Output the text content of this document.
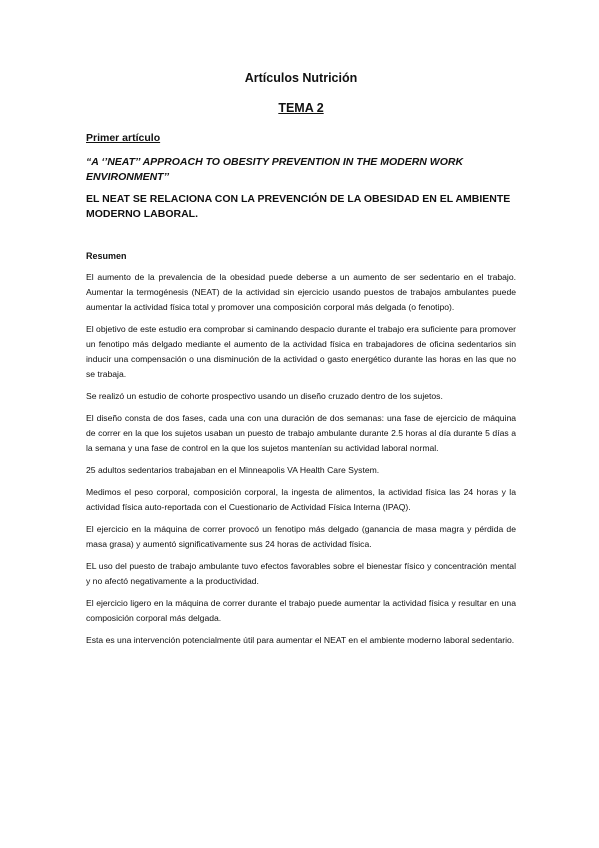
Artículos Nutrición

TEMA 2

Primer artículo

“A ‘’NEAT’’ APPROACH TO OBESITY PREVENTION IN THE MODERN WORK ENVIRONMENT’’

EL NEAT SE RELACIONA CON LA PREVENCIÓN DE LA OBESIDAD EN EL AMBIENTE MODERNO LABORAL.

Resumen

El aumento de la prevalencia de la obesidad puede deberse a un aumento de ser sedentario en el trabajo. Aumentar la termogénesis (NEAT) de la actividad sin ejercicio usando puestos de trabajos ambulantes puede aumentar la actividad física total y promover una composición corporal más delgada (o fenotipo).

El objetivo de este estudio era comprobar si caminando despacio durante el trabajo era suficiente para promover un fenotipo más delgado mediante el aumento de la actividad física en trabajadores de oficina sedentarios sin inducir una compensación o una disminución de la actividad o gasto energético durante las horas en las que no se trabaja.

Se realizó un estudio de cohorte prospectivo usando un diseño cruzado dentro de los sujetos.

El diseño consta de dos fases, cada una con una duración de dos semanas: una fase de ejercicio de máquina de correr en la que los sujetos usaban un puesto de trabajo ambulante durante 2.5 horas al día durante 5 días a la semana y una fase de control en la que los sujetos mantenían su actividad laboral normal.

25 adultos sedentarios trabajaban en el Minneapolis VA Health Care System.

Medimos el peso corporal, composición corporal, la ingesta de alimentos, la actividad física las 24 horas y la actividad física auto-reportada con el Cuestionario de Actividad Física Interna (IPAQ).

El ejercicio en la máquina de correr provocó un fenotipo más delgado (ganancia de masa magra y pérdida de masa grasa) y aumentó significativamente sus 24 horas de actividad física.

EL uso del puesto de trabajo ambulante tuvo efectos favorables sobre el bienestar físico y concentración mental y no afectó negativamente a la productividad.

El ejercicio ligero en la máquina de correr durante el trabajo puede aumentar la actividad física y resultar en una composición corporal más delgada.

Esta es una intervención potencialmente útil para aumentar el NEAT en el ambiente moderno laboral sedentario.
